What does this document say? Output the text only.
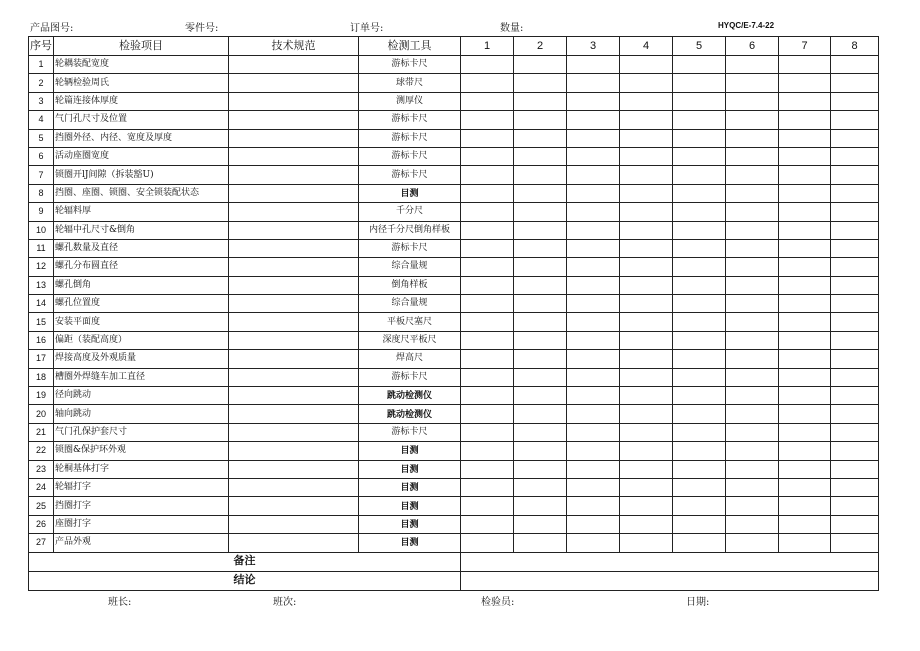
产品图号:	零件号:	订单号:	数量:	HYQC/E-7.4-22
序号	检验项目	技术规范	检测工具	1	2	3	4	5	6	7	8
1	轮耦装配宽度		游标卡尺								
2	轮辆检验周氏		球带尺								
3	轮篇连接体厚度		测厚仪								
4	气门孔尺寸及位置		游标卡尺								
5	挡圈外径、内径、宽度及厚度		游标卡尺								
6	活动座圈宽度		游标卡尺								
7	锁圈开lJ间隙（拆装豁U)		游标卡尺								
8	挡圈、座圈、锁圈、安全锁装配状态		目测								
9	轮辐料厚		千分尺								
10	轮辐中孔尺寸&倒角		内径千分尺倒角样板								
11	螺孔数量及直径		游标卡尺								
12	螺孔分布圆直径		综合量规								
13	螺孔倒角		倒角样板								
14	螺孔位置度		综合量规								
15	安装平面度		平板尺塞尺								
16	偏距（装配高度）		深度尺平板尺								
17	焊接高度及外观质量		焊高尺								
18	槽圈外焊缝车加工直径		游标卡尺								
19	径向跳动		跳动检测仪								
20	轴向跳动		跳动检测仪								
21	气门孔保护套尺寸		游标卡尺								
22	锁圈&保护环外观		目测								
23	轮桐基体打字		目测								
24	轮辐打字		目测								
25	挡圈打字		目测								
26	座圈打字		目测								
27	产品外观		目测								
备注											
结论											
班长:	班次:	检验员:	日期:
